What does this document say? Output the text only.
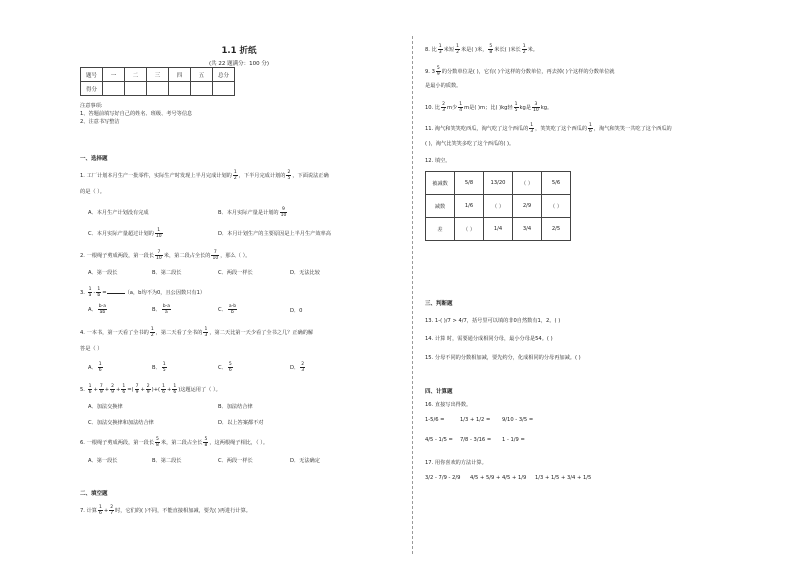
1.1 折纸
(共 22 题满分：100 分)
题号	一	二	三	四	五	总分
得分						
注意事项:
1、答题前填写好自己的姓名、班级、考号等信息
2、注意书写整洁
一、选择题
1. 工厂计划本月生产一批零件，实际生产时发现上半月完成计划的 $\frac{1}{2}$ ，下半月完成计划的 $\frac{2}{5}$ ，下面说法正确
的是（ ）。
A．本月生产计划没有完成	B．本月实际产量是计划的 $\frac{9}{10}$
C．本月实际产量超过计划的 $\frac{1}{10}$	D．本月计划生产的主要原因是上半月生产效率高
2. 一根绳子剪成两段，第一段长 $\frac{7}{10}$ 米，第二段占全长的 $\frac{7}{10}$ ，那么（ ）。
A．第一段长	B．第二段长	C．两段一样长	D．无法比较
3. $\frac{1}{a} - \frac{1}{b}$ =	（a，b均不为0，且公因数只有1）
A． $\frac{b-a}{ab}$	B． $\frac{b-a}{a}$	C． $\frac{a-b}{b}$	D．0
4. 一本书，第一天看了全书的 $\frac{1}{2}$ ，第二天看了全书的 $\frac{1}{3}$ ，第二天比第一天少看了全书之几？正确的解
答是（ ）
A． $\frac{1}{6}$	B． $\frac{1}{5}$	C． $\frac{5}{6}$	D． $\frac{2}{3}$
5. $\frac{1}{6} + \frac{7}{9} + \frac{2}{9} + \frac{1}{6}$ =( $\frac{7}{9} + \frac{2}{9}$ )+( $\frac{1}{6} + \frac{1}{6}$ )这题运用了（ ）。
A．加法交换律	B．加法结合律
C．加法交换律和加法结合律	D．以上答案都不对
6. 一根绳子剪成两段，第一段长 $\frac{5}{8}$ 米，第二段占全长 $\frac{5}{8}$ ，这两根绳子相比，（ ）。
A．第一段长	B．第二段长	C．两段一样长	D．无法确定
二、填空题
7. 计算 $\frac{1}{6} + \frac{2}{7}$ 时，它们的( )不同，不能直接相加减，要先( )再进行计算。
8. 比 $\frac{1}{3}$ 米短 $\frac{1}{2}$ 米是( )米， $\frac{5}{8}$ 米长( )米长 $\frac{1}{2}$ 米。
9. $3 \frac{5}{9}$ 的分数单位是( )，它有( )个这样的分数单位，再去掉( )个这样的分数单位就
是最小的质数。
10. 比 $\frac{2}{3}$ m少 $\frac{1}{4}$ m是( )m；比( )kg轻 $\frac{1}{5}$ kg是 $\frac{3}{10}$ kg。
11. 淘气和笑笑吃西瓜，淘气吃了这个西瓜的 $\frac{1}{3}$ ，笑笑吃了这个西瓜的 $\frac{1}{6}$ ，淘气和笑笑一共吃了这个西瓜的
( )，淘气比笑笑多吃了这个西瓜的( )。
12. 填空。
被减数	5/8	13/20	（ ）	5/6
减数	1/6	（ ）	2/9	（ ）
差	（ ）	1/4	3/4	2/5
三、判断题
13. 1-( )/7 > 4/7，括号里可以填的非0自然数有1，2。( )
14. 计算 时，需要通分成相同分母，最小分母是54。( )
15. 分母不同的分数相加减，要先约分，化成相同的分母再加减。( )
四、计算题
16. 直接写出得数。
1-5/6 =	1/3 + 1/2 = 9/10 - 3/5 =
4/5 - 1/5 = 7/8 - 3/16 = 1 - 1/9 =
17. 用你喜欢的方法计算。
3/2 - 7/9 - 2/9 4/5 + 5/9 + 4/5 + 1/9 1/3 + 1/5 + 3/4 + 1/5
